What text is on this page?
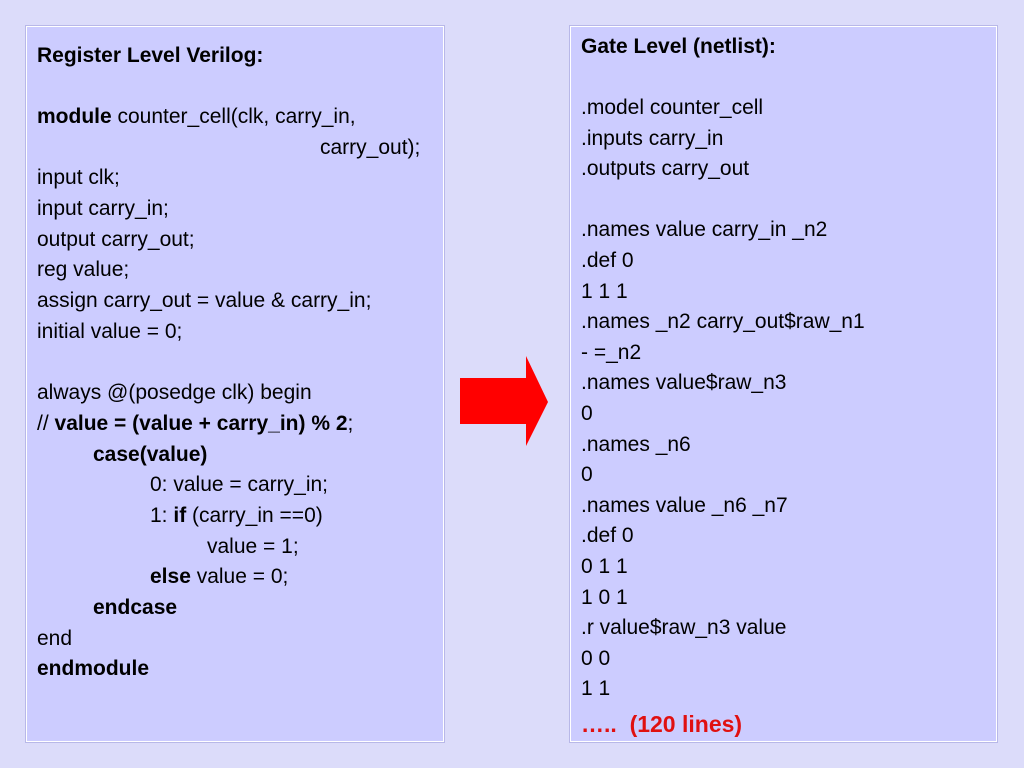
Register Level Verilog:
module counter_cell(clk, carry_in,
carry_out);
input clk;
input carry_in;
output carry_out;
reg value;
assign carry_out = value & carry_in;
initial value = 0;
always @(posedge clk) begin
// value = (value + carry_in) % 2;
case(value)
0: value = carry_in;
1: if (carry_in ==0)
value = 1;
else value = 0;
endcase
end
endmodule
Gate Level (netlist):
.model counter_cell
.inputs carry_in
.outputs carry_out
.names value carry_in _n2
.def 0
1 1 1
.names _n2 carry_out$raw_n1
- =_n2
.names value$raw_n3
0
.names _n6
0
.names value _n6 _n7
.def 0
0 1 1
1 0 1
.r value$raw_n3 value
0 0
1 1
….. (120 lines)
